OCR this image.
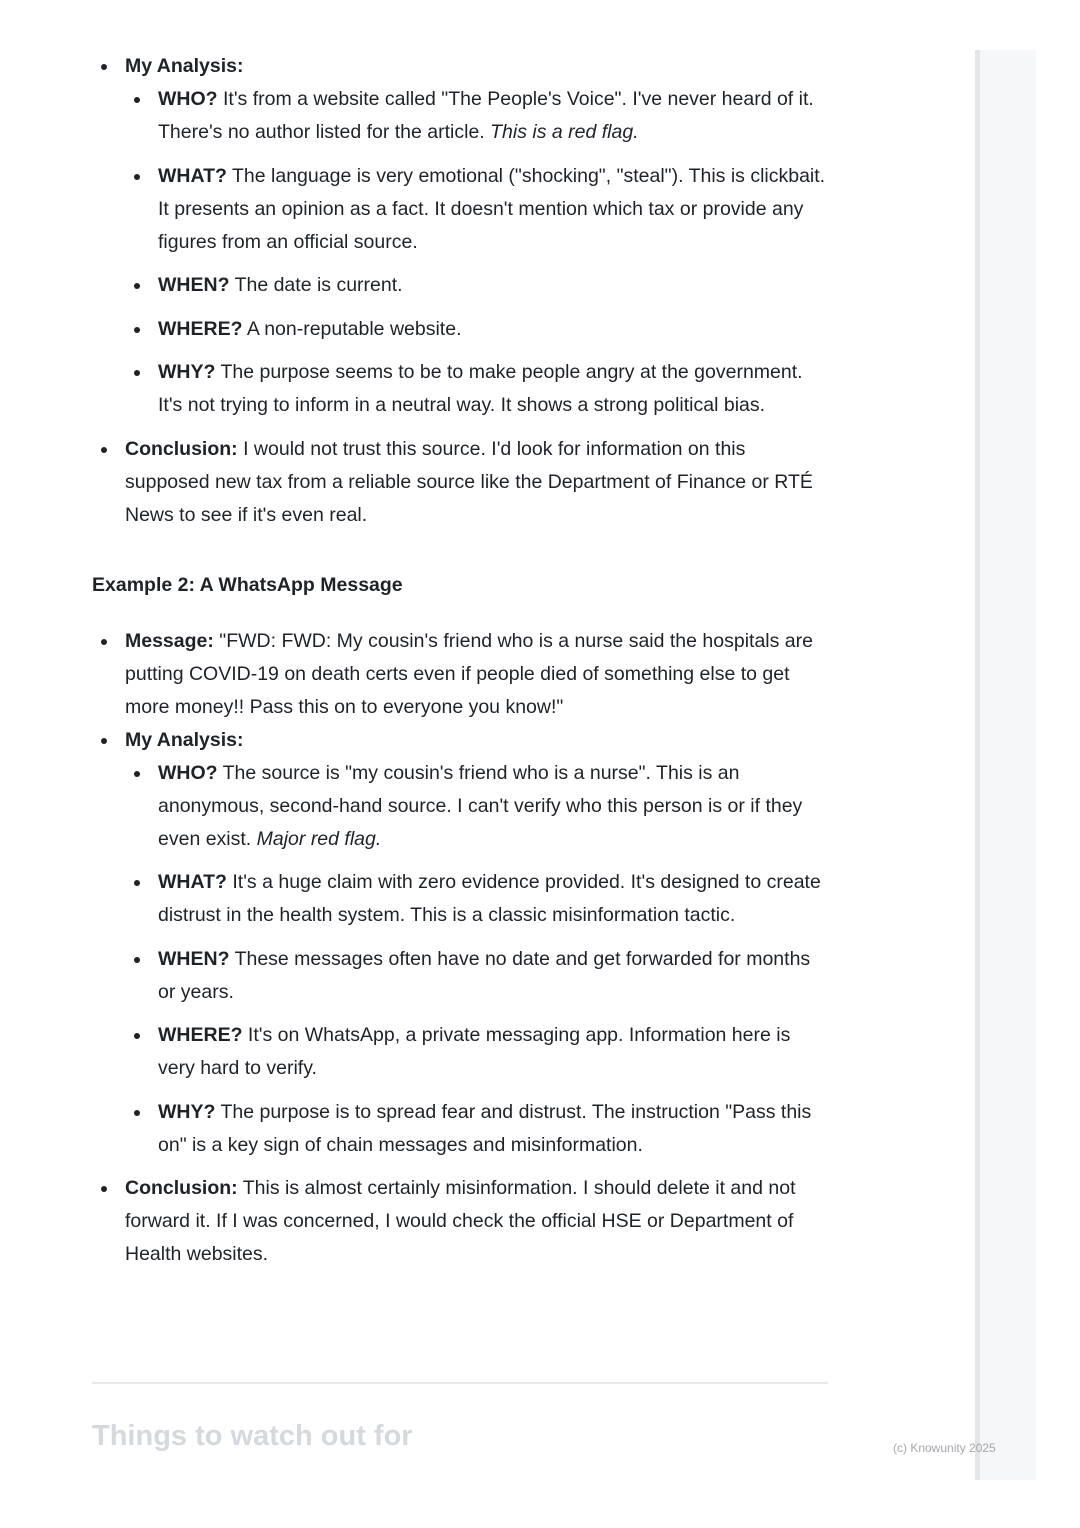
My Analysis:
WHO? It's from a website called "The People's Voice". I've never heard of it. There's no author listed for the article. This is a red flag.
WHAT? The language is very emotional ("shocking", "steal"). This is clickbait. It presents an opinion as a fact. It doesn't mention which tax or provide any figures from an official source.
WHEN? The date is current.
WHERE? A non-reputable website.
WHY? The purpose seems to be to make people angry at the government. It's not trying to inform in a neutral way. It shows a strong political bias.
Conclusion: I would not trust this source. I'd look for information on this supposed new tax from a reliable source like the Department of Finance or RTÉ News to see if it's even real.
Example 2: A WhatsApp Message
Message: "FWD: FWD: My cousin's friend who is a nurse said the hospitals are putting COVID-19 on death certs even if people died of something else to get more money!! Pass this on to everyone you know!"
My Analysis:
WHO? The source is "my cousin's friend who is a nurse". This is an anonymous, second-hand source. I can't verify who this person is or if they even exist. Major red flag.
WHAT? It's a huge claim with zero evidence provided. It's designed to create distrust in the health system. This is a classic misinformation tactic.
WHEN? These messages often have no date and get forwarded for months or years.
WHERE? It's on WhatsApp, a private messaging app. Information here is very hard to verify.
WHY? The purpose is to spread fear and distrust. The instruction "Pass this on" is a key sign of chain messages and misinformation.
Conclusion: This is almost certainly misinformation. I should delete it and not forward it. If I was concerned, I would check the official HSE or Department of Health websites.
Things to watch out for	(c) Knowunity 2025
